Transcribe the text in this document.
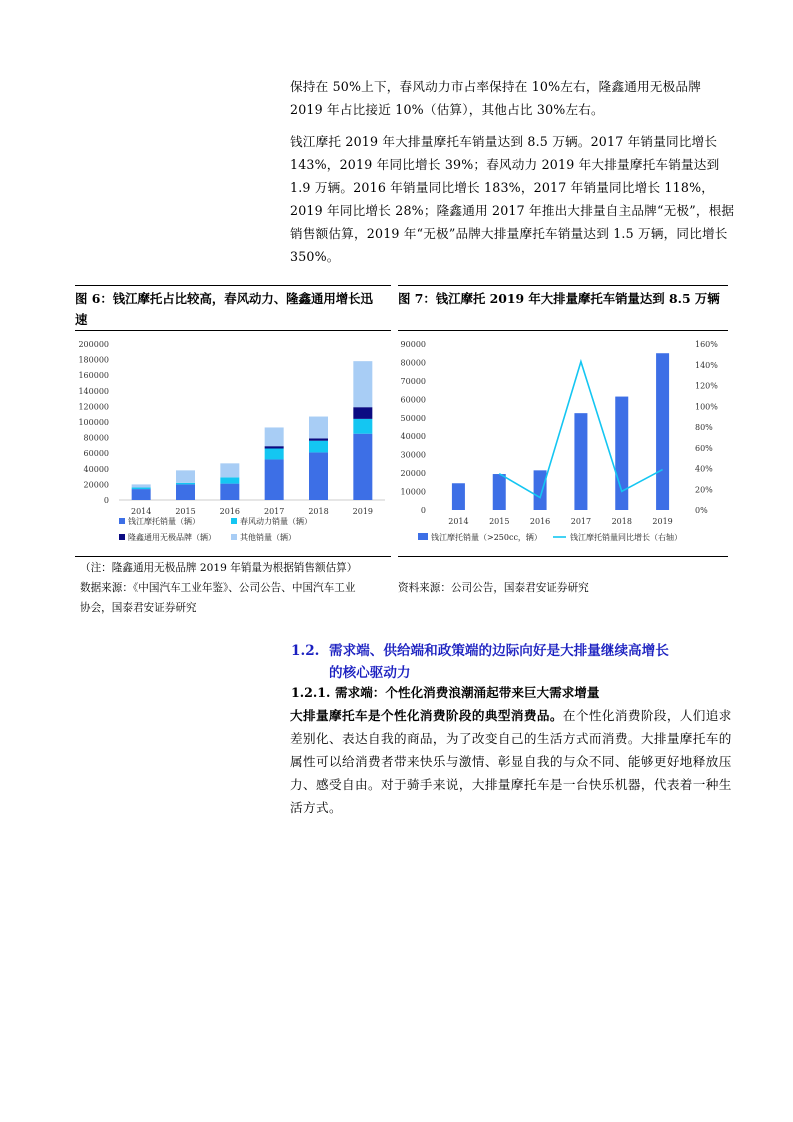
保持在 50%上下，春风动力市占率保持在 10%左右，隆鑫通用无极品牌 2019 年占比接近 10%（估算），其他占比 30%左右。
钱江摩托 2019 年大排量摩托车销量达到 8.5 万辆。2017 年销量同比增长 143%，2019 年同比增长 39%；春风动力 2019 年大排量摩托车销量达到 1.9 万辆。2016 年销量同比增长 183%，2017 年销量同比增长 118%，2019 年同比增长 28%；隆鑫通用 2017 年推出大排量自主品牌“无极”，根据销售额估算，2019 年“无极”品牌大排量摩托车销量达到 1.5 万辆，同比增长 350%。
图 6：钱江摩托占比较高，春风动力、隆鑫通用增长迅速
图 7：钱江摩托 2019 年大排量摩托车销量达到 8.5 万辆
0
20000
40000
60000
80000
100000
120000
140000
160000
180000
200000
2014	2015	2016	2017	2018	2019
钱江摩托销量（辆）	春风动力销量（辆）
隆鑫通用无极品牌（辆）	其他销量（辆）
0
10000
20000
30000
40000
50000
60000
70000
80000
90000
0%
20%
40%
60%
80%
100%
120%
140%
160%
2014	2015	2016	2017	2018	2019
钱江摩托销量（>250cc，辆）	钱江摩托销量同比增长（右轴）
（注：隆鑫通用无极品牌 2019 年销量为根据销售额估算）
数据来源：《中国汽车工业年鉴》、公司公告、中国汽车工业
协会，国泰君安证券研究
资料来源：公司公告，国泰君安证券研究
1.2. 需求端、供给端和政策端的边际向好是大排量继续高增长
的核心驱动力
1.2.1. 需求端：个性化消费浪潮涌起带来巨大需求增量
大排量摩托车是个性化消费阶段的典型消费品。在个性化消费阶段，人们追求差别化、表达自我的商品，为了改变自己的生活方式而消费。大排量摩托车的属性可以给消费者带来快乐与激情、彰显自我的与众不同、能够更好地释放压力、感受自由。对于骑手来说，大排量摩托车是一台快乐机器，代表着一种生活方式。
